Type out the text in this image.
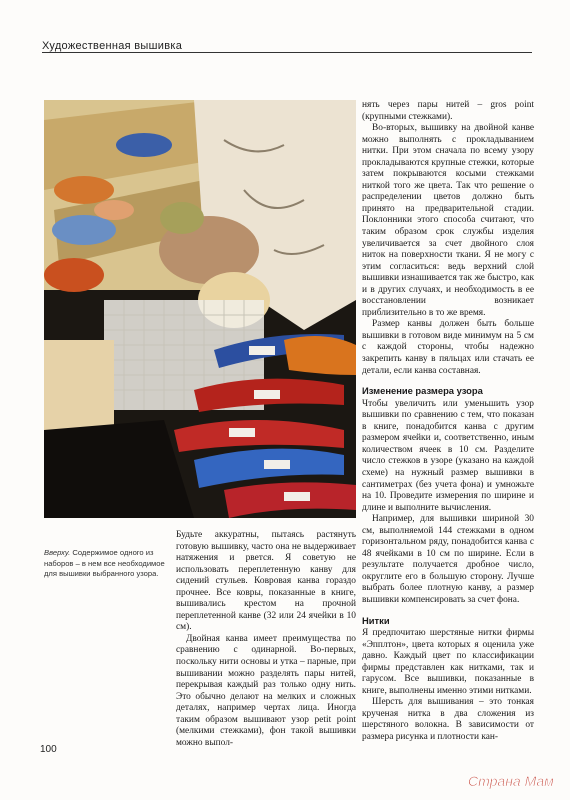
Художественная вышивка
Вверху. Содержимое одного из наборов – в нем все необходимое для вышивки выбранного узора.

Будьте аккуратны, пытаясь растянуть готовую вышивку, часто она не выдерживает натяжения и рвется. Я советую не использовать переплетенную канву для сидений стульев. Ковровая канва гораздо прочнее. Все ковры, показанные в книге, вышивались крестом на прочной переплетенной канве (32 или 24 ячейки в 10 см).

Двойная канва имеет преимущества по сравнению с одинарной. Во-первых, поскольку нити основы и утка – парные, при вышивании можно разделять пары нитей, перекрывая каждый раз только одну нить. Это обычно делают на мелких и сложных деталях, например чертах лица. Иногда таким образом вышивают узор petit point (мелкими стежками), фон такой вышивки можно выпол-

нять через пары нитей – gros point (крупными стежками).

Во-вторых, вышивку на двойной канве можно выполнять с прокладыванием нитки. При этом сначала по всему узору прокладываются крупные стежки, которые затем покрываются косыми стежками ниткой того же цвета. Так что решение о распределении цветов должно быть принято на предварительной стадии. Поклонники этого способа считают, что таким образом срок службы изделия увеличивается за счет двойного слоя ниток на поверхности ткани. Я не могу с этим согласиться: ведь верхний слой вышивки изнашивается так же быстро, как и в других случаях, и необходимость в ее восстановлении возникает приблизительно в то же время.

Размер канвы должен быть больше вышивки в готовом виде минимум на 5 см с каждой стороны, чтобы надежно закрепить канву в пяльцах или стачать ее детали, если канва составная.

Изменение размера узора

Чтобы увеличить или уменьшить узор вышивки по сравнению с тем, что показан в книге, понадобится канва с другим размером ячейки и, соответственно, иным количеством ячеек в 10 см. Разделите число стежков в узоре (указано на каждой схеме) на нужный размер вышивки в сантиметрах (без учета фона) и умножьте на 10. Проведите измерения по ширине и длине и выполните вычисления.

Например, для вышивки шириной 30 см, выполняемой 144 стежками в одном горизонтальном ряду, понадобится канва с 48 ячейками в 10 см по ширине. Если в результате получается дробное число, округлите его в большую сторону. Лучше выбрать более плотную канву, а размер вышивки компенсировать за счет фона.

Нитки

Я предпочитаю шерстяные нитки фирмы «Эпплтон», цвета которых я оценила уже давно. Каждый цвет по классификации фирмы представлен как нитками, так и гарусом. Все вышивки, показанные в книге, выполнены именно этими нитками.

Шерсть для вышивания – это тонкая крученая нитка в два сложения из шерстяного волокна. В зависимости от размера рисунка и плотности кан-

100
Страна Мам
